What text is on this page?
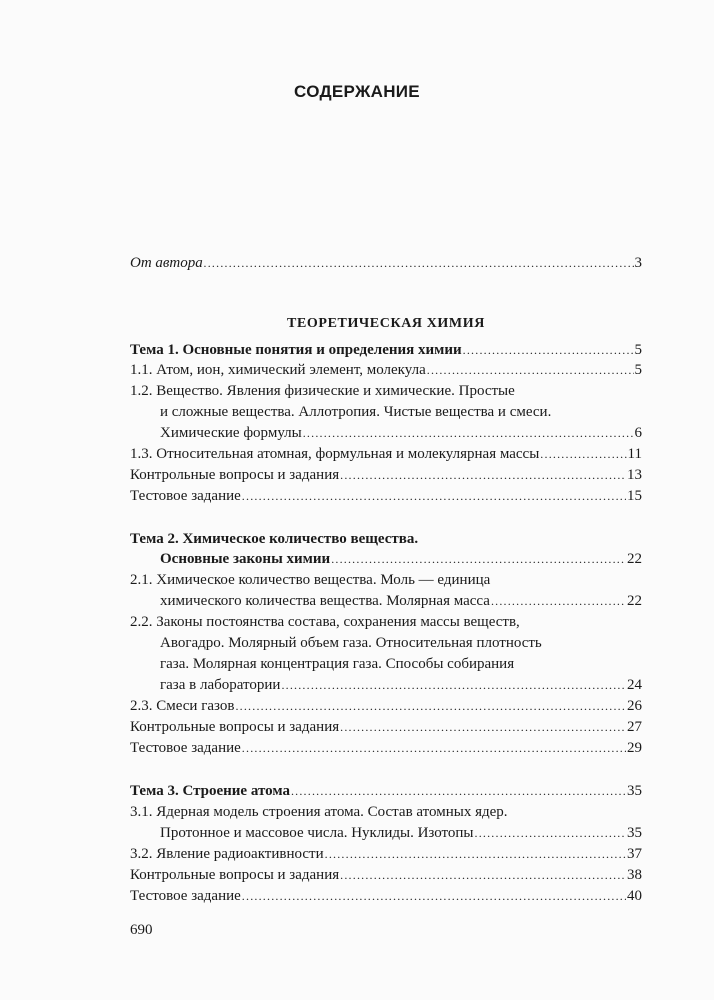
СОДЕРЖАНИЕ
От автора .....	3
ТЕОРЕТИЧЕСКАЯ ХИМИЯ
Тема 1. Основные понятия и определения химии .....	5
1.1. Атом, ион, химический элемент, молекула .....	5
1.2. Вещество. Явления физические и химические. Простые
и сложные вещества. Аллотропия. Чистые вещества и смеси.
Химические формулы .....	6
1.3. Относительная атомная, формульная и молекулярная массы .....	11
Контрольные вопросы и задания .....	13
Тестовое задание .....	15
Тема 2. Химическое количество вещества.
Основные законы химии .....	22
2.1. Химическое количество вещества. Моль — единица
химического количества вещества. Молярная масса .....	22
2.2. Законы постоянства состава, сохранения массы веществ,
Авогадро. Молярный объем газа. Относительная плотность
газа. Молярная концентрация газа. Способы собирания
газа в лаборатории .....	24
2.3. Смеси газов .....	26
Контрольные вопросы и задания .....	27
Тестовое задание .....	29
Тема 3. Строение атома .....	35
3.1. Ядерная модель строения атома. Состав атомных ядер.
Протонное и массовое числа. Нуклиды. Изотопы .....	35
3.2. Явление радиоактивности .....	37
Контрольные вопросы и задания .....	38
Тестовое задание .....	40
690
